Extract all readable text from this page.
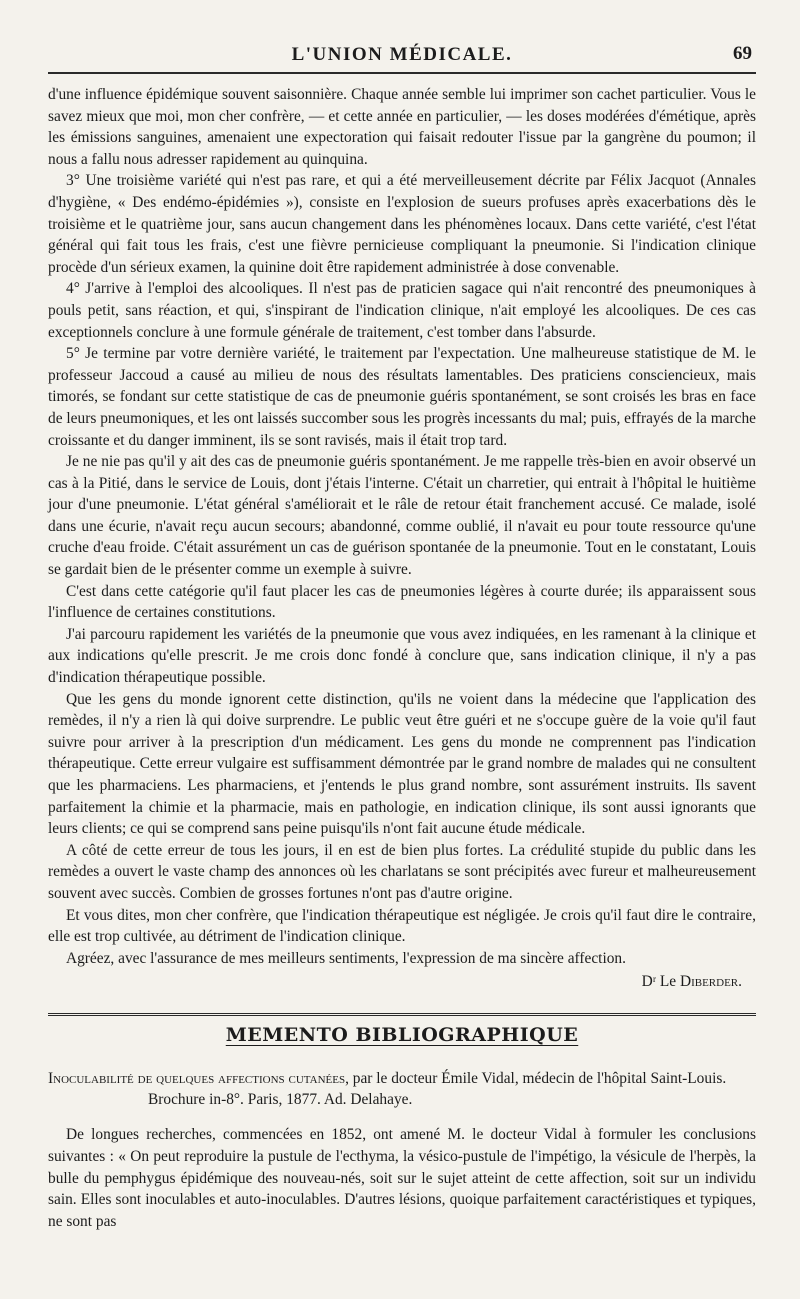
L'UNION MÉDICALE.	69

d'une influence épidémique souvent saisonnière. Chaque année semble lui imprimer son cachet particulier. Vous le savez mieux que moi, mon cher confrère, — et cette année en particulier, — les doses modérées d'émétique, après les émissions sanguines, amenaient une expectoration qui faisait redouter l'issue par la gangrène du poumon; il nous a fallu nous adresser rapidement au quinquina.

3° Une troisième variété qui n'est pas rare, et qui a été merveilleusement décrite par Félix Jacquot (Annales d'hygiène, « Des endémo-épidémies »), consiste en l'explosion de sueurs profuses après exacerbations dès le troisième et le quatrième jour, sans aucun changement dans les phénomènes locaux. Dans cette variété, c'est l'état général qui fait tous les frais, c'est une fièvre pernicieuse compliquant la pneumonie. Si l'indication clinique procède d'un sérieux examen, la quinine doit être rapidement administrée à dose convenable.

4° J'arrive à l'emploi des alcooliques. Il n'est pas de praticien sagace qui n'ait rencontré des pneumoniques à pouls petit, sans réaction, et qui, s'inspirant de l'indication clinique, n'ait employé les alcooliques. De ces cas exceptionnels conclure à une formule générale de traitement, c'est tomber dans l'absurde.

5° Je termine par votre dernière variété, le traitement par l'expectation. Une malheureuse statistique de M. le professeur Jaccoud a causé au milieu de nous des résultats lamentables. Des praticiens consciencieux, mais timorés, se fondant sur cette statistique de cas de pneumonie guéris spontanément, se sont croisés les bras en face de leurs pneumoniques, et les ont laissés succomber sous les progrès incessants du mal; puis, effrayés de la marche croissante et du danger imminent, ils se sont ravisés, mais il était trop tard.

Je ne nie pas qu'il y ait des cas de pneumonie guéris spontanément. Je me rappelle très-bien en avoir observé un cas à la Pitié, dans le service de Louis, dont j'étais l'interne. C'était un charretier, qui entrait à l'hôpital le huitième jour d'une pneumonie. L'état général s'améliorait et le râle de retour était franchement accusé. Ce malade, isolé dans une écurie, n'avait reçu aucun secours; abandonné, comme oublié, il n'avait eu pour toute ressource qu'une cruche d'eau froide. C'était assurément un cas de guérison spontanée de la pneumonie. Tout en le constatant, Louis se gardait bien de le présenter comme un exemple à suivre.

C'est dans cette catégorie qu'il faut placer les cas de pneumonies légères à courte durée; ils apparaissent sous l'influence de certaines constitutions.

J'ai parcouru rapidement les variétés de la pneumonie que vous avez indiquées, en les ramenant à la clinique et aux indications qu'elle prescrit. Je me crois donc fondé à conclure que, sans indication clinique, il n'y a pas d'indication thérapeutique possible.

Que les gens du monde ignorent cette distinction, qu'ils ne voient dans la médecine que l'application des remèdes, il n'y a rien là qui doive surprendre. Le public veut être guéri et ne s'occupe guère de la voie qu'il faut suivre pour arriver à la prescription d'un médicament. Les gens du monde ne comprennent pas l'indication thérapeutique. Cette erreur vulgaire est suffisamment démontrée par le grand nombre de malades qui ne consultent que les pharmaciens. Les pharmaciens, et j'entends le plus grand nombre, sont assurément instruits. Ils savent parfaitement la chimie et la pharmacie, mais en pathologie, en indication clinique, ils sont aussi ignorants que leurs clients; ce qui se comprend sans peine puisqu'ils n'ont fait aucune étude médicale.

A côté de cette erreur de tous les jours, il en est de bien plus fortes. La crédulité stupide du public dans les remèdes a ouvert le vaste champ des annonces où les charlatans se sont précipités avec fureur et malheureusement souvent avec succès. Combien de grosses fortunes n'ont pas d'autre origine.

Et vous dites, mon cher confrère, que l'indication thérapeutique est négligée. Je crois qu'il faut dire le contraire, elle est trop cultivée, au détriment de l'indication clinique.

Agréez, avec l'assurance de mes meilleurs sentiments, l'expression de ma sincère affection.

Dʳ Le Diberder.
MEMENTO BIBLIOGRAPHIQUE
Inoculabilité de quelques affections cutanées, par le docteur Émile Vidal, médecin de l'hôpital Saint-Louis. Brochure in-8°. Paris, 1877. Ad. Delahaye.

De longues recherches, commencées en 1852, ont amené M. le docteur Vidal à formuler les conclusions suivantes : « On peut reproduire la pustule de l'ecthyma, la vésico-pustule de l'impétigo, la vésicule de l'herpès, la bulle du pemphygus épidémique des nouveau-nés, soit sur le sujet atteint de cette affection, soit sur un individu sain. Elles sont inoculables et auto-inoculables. D'autres lésions, quoique parfaitement caractéristiques et typiques, ne sont pas
